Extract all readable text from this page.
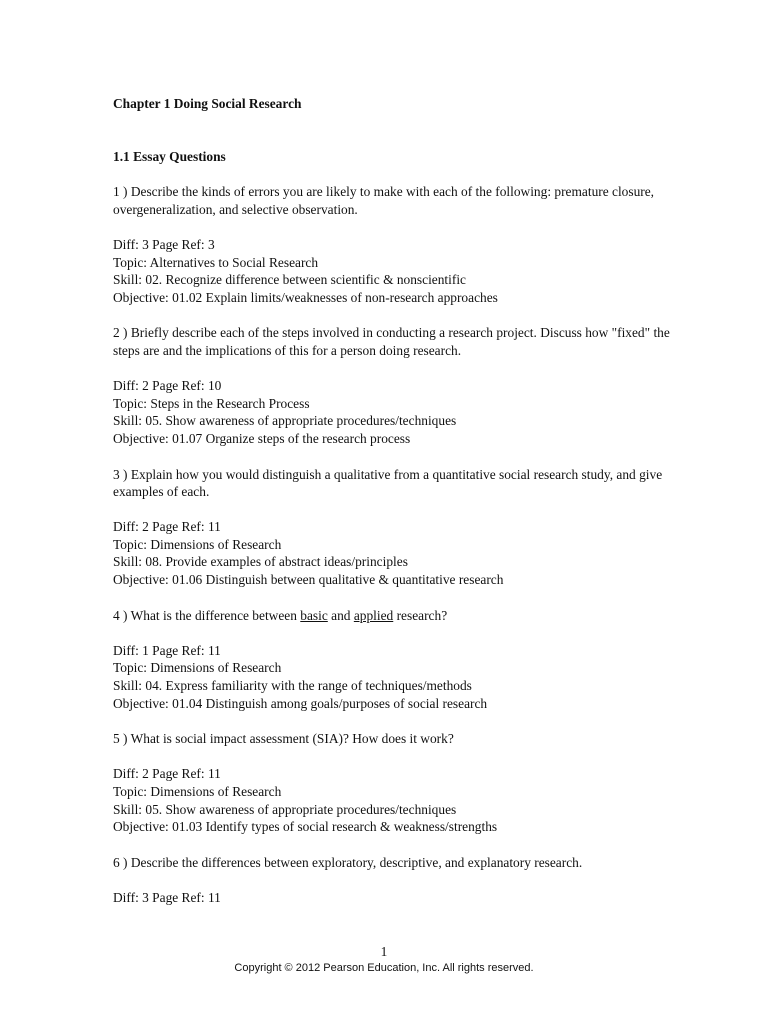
Chapter 1 Doing Social Research
1.1 Essay Questions
1 ) Describe the kinds of errors you are likely to make with each of the following: premature closure, overgeneralization, and selective observation.
Diff: 3 Page Ref: 3
Topic: Alternatives to Social Research
Skill: 02. Recognize difference between scientific & nonscientific
Objective: 01.02 Explain limits/weaknesses of non-research approaches
2 ) Briefly describe each of the steps involved in conducting a research project. Discuss how "fixed" the steps are and the implications of this for a person doing research.
Diff: 2 Page Ref: 10
Topic: Steps in the Research Process
Skill: 05. Show awareness of appropriate procedures/techniques
Objective: 01.07 Organize steps of the research process
3 ) Explain how you would distinguish a qualitative from a quantitative social research study, and give examples of each.
Diff: 2 Page Ref: 11
Topic: Dimensions of Research
Skill: 08. Provide examples of abstract ideas/principles
Objective: 01.06 Distinguish between qualitative & quantitative research
4 ) What is the difference between basic and applied research?
Diff: 1 Page Ref: 11
Topic: Dimensions of Research
Skill: 04. Express familiarity with the range of techniques/methods
Objective: 01.04 Distinguish among goals/purposes of social research
5 ) What is social impact assessment (SIA)? How does it work?
Diff: 2 Page Ref: 11
Topic: Dimensions of Research
Skill: 05. Show awareness of appropriate procedures/techniques
Objective: 01.03 Identify types of social research & weakness/strengths
6 ) Describe the differences between exploratory, descriptive, and explanatory research.
Diff: 3 Page Ref: 11
1
Copyright © 2012 Pearson Education, Inc. All rights reserved.
